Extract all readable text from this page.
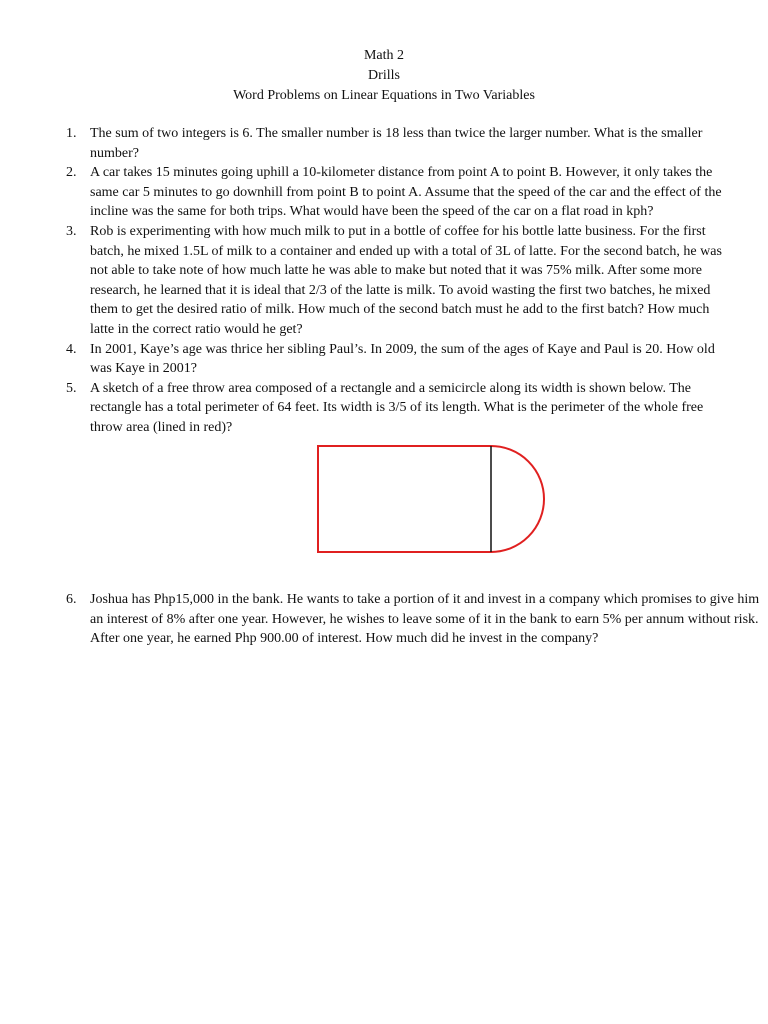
Math 2
Drills
Word Problems on Linear Equations in Two Variables
1. The sum of two integers is 6. The smaller number is 18 less than twice the larger number. What is the smaller number?
2. A car takes 15 minutes going uphill a 10-kilometer distance from point A to point B. However, it only takes the same car 5 minutes to go downhill from point B to point A. Assume that the speed of the car and the effect of the incline was the same for both trips. What would have been the speed of the car on a flat road in kph?
3. Rob is experimenting with how much milk to put in a bottle of coffee for his bottle latte business. For the first batch, he mixed 1.5L of milk to a container and ended up with a total of 3L of latte. For the second batch, he was not able to take note of how much latte he was able to make but noted that it was 75% milk. After some more research, he learned that it is ideal that 2/3 of the latte is milk. To avoid wasting the first two batches, he mixed them to get the desired ratio of milk. How much of the second batch must he add to the first batch? How much latte in the correct ratio would he get?
4. In 2001, Kaye’s age was thrice her sibling Paul’s. In 2009, the sum of the ages of Kaye and Paul is 20. How old was Kaye in 2001?
5. A sketch of a free throw area composed of a rectangle and a semicircle along its width is shown below. The rectangle has a total perimeter of 64 feet. Its width is 3/5 of its length. What is the perimeter of the whole free throw area (lined in red)?
6. Joshua has Php15,000 in the bank. He wants to take a portion of it and invest in a company which promises to give him an interest of 8% after one year. However, he wishes to leave some of it in the bank to earn 5% per annum without risk. After one year, he earned Php 900.00 of interest. How much did he invest in the company?
